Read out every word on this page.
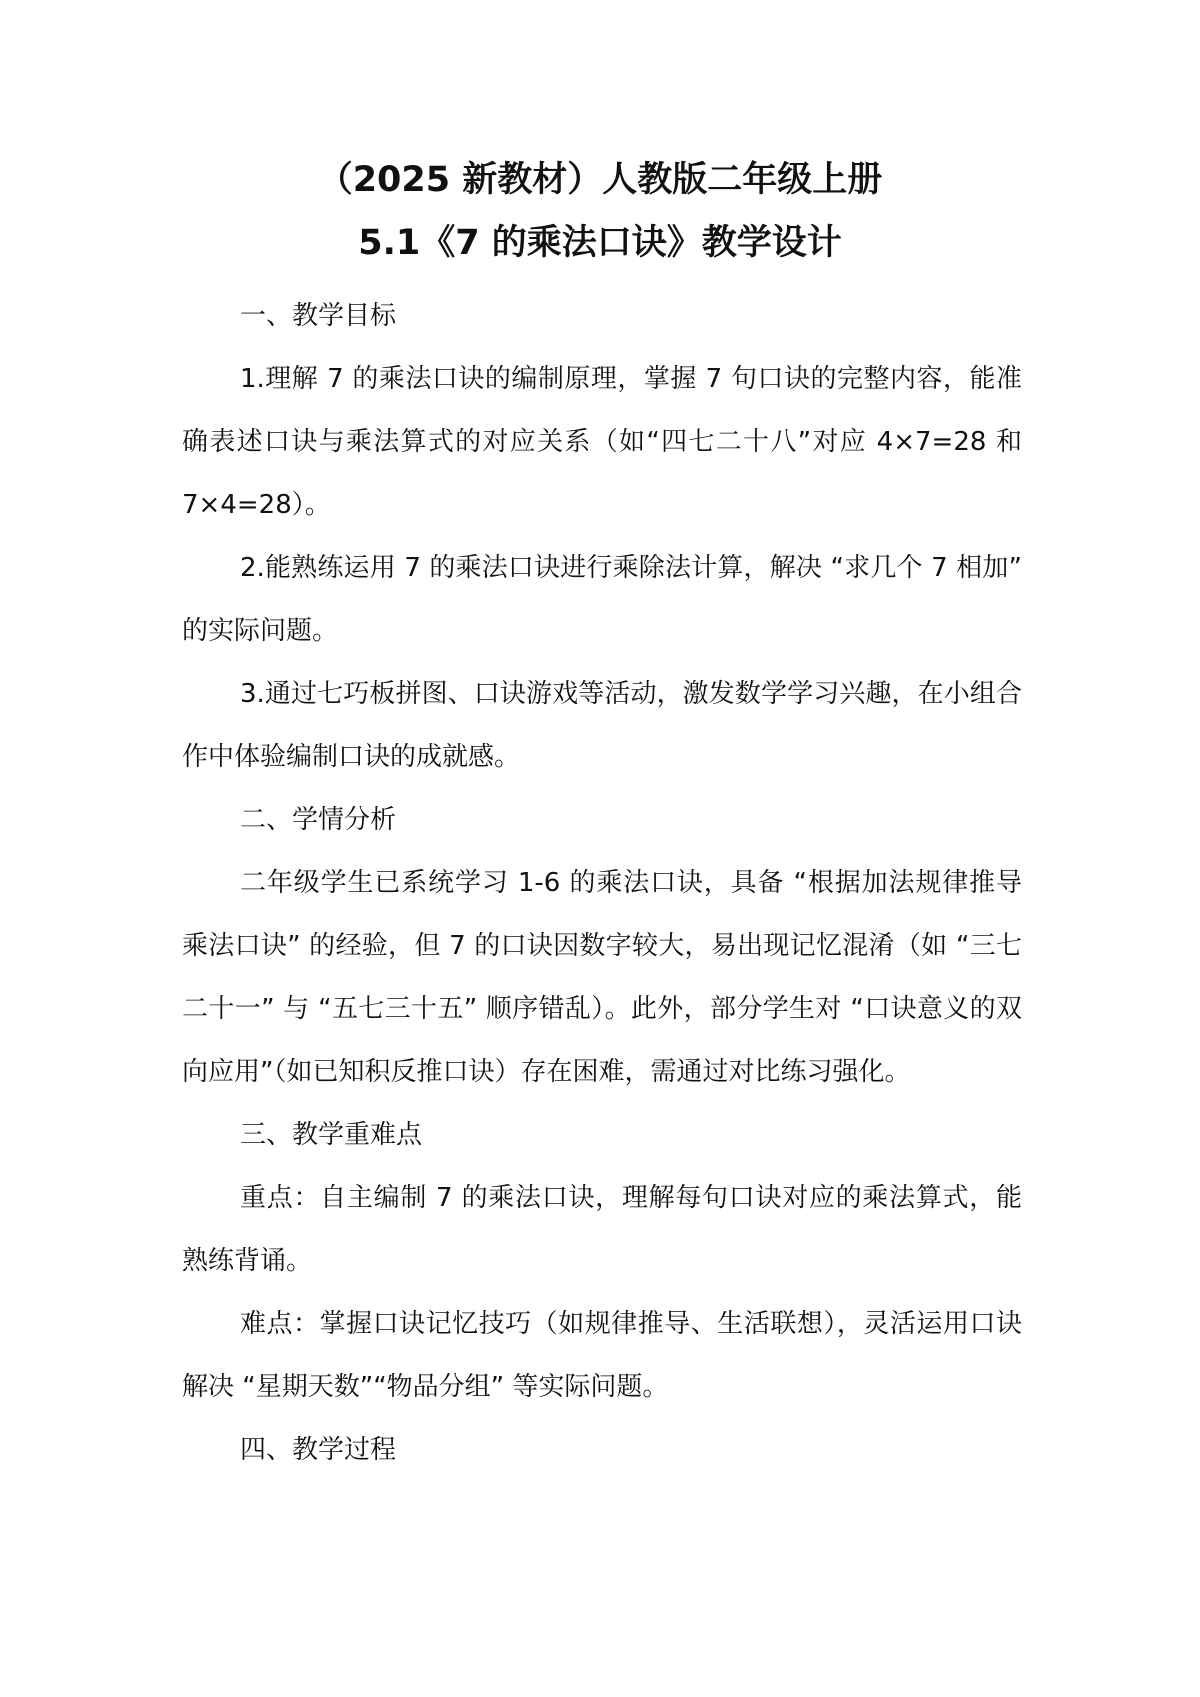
（2025 新教材）人教版二年级上册
5.1《7 的乘法口诀》教学设计

一、教学目标

1.理解 7 的乘法口诀的编制原理，掌握 7 句口诀的完整内容，能准确表述口诀与乘法算式的对应关系（如“四七二十八”对应 4×7=28 和 7×4=28）。

2.能熟练运用 7 的乘法口诀进行乘除法计算，解决 “求几个 7 相加” 的实际问题。

3.通过七巧板拼图、口诀游戏等活动，激发数学学习兴趣，在小组合作中体验编制口诀的成就感。

二、学情分析

二年级学生已系统学习 1-6 的乘法口诀，具备 “根据加法规律推导乘法口诀” 的经验，但 7 的口诀因数字较大，易出现记忆混淆（如 “三七二十一” 与 “五七三十五” 顺序错乱）。此外，部分学生对 “口诀意义的双向应用”（如已知积反推口诀）存在困难，需通过对比练习强化。

三、教学重难点

重点：自主编制 7 的乘法口诀，理解每句口诀对应的乘法算式，能熟练背诵。

难点：掌握口诀记忆技巧（如规律推导、生活联想），灵活运用口诀解决 “星期天数”“物品分组” 等实际问题。

四、教学过程
